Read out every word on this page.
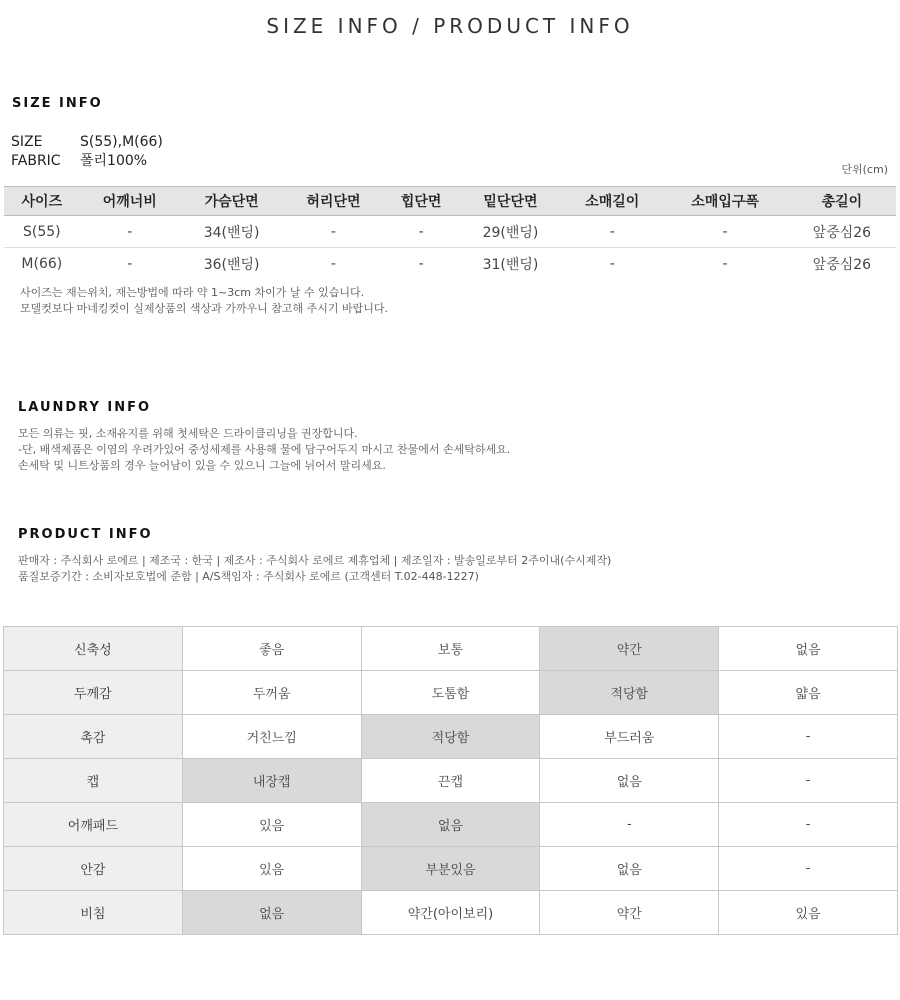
SIZE INFO / PRODUCT INFO
SIZE INFO
SIZE	S(55),M(66)
FABRIC 폴리100%
단위(cm)
사이즈	어깨너비	가슴단면	허리단면	힙단면	밑단단면	소매길이	소매입구폭	총길이
S(55)	-	34(밴딩)	-	-	29(밴딩)	-	-	앞중심26
M(66)	-	36(밴딩)	-	-	31(밴딩)	-	-	앞중심26
사이즈는 재는위치, 재는방법에 따라 약 1~3cm 차이가 날 수 있습니다.
모델컷보다 마네킹컷이 실제상품의 색상과 가까우니 참고해 주시기 바랍니다.
LAUNDRY INFO
모든 의류는 핏, 소재유지를 위해 첫세탁은 드라이클리닝을 권장합니다.
-단, 배색제품은 이염의 우려가있어 중성세제를 사용해 물에 담구어두지 마시고 찬물에서 손세탁하세요.
손세탁 및 니트상품의 경우 늘어남이 있을 수 있으니 그늘에 뉘어서 말리세요.
PRODUCT INFO
판매자 : 주식회사 로에르 | 제조국 : 한국 | 제조사 : 주식회사 로에르 제휴업체 | 제조일자 : 발송일로부터 2주이내(수시제작)
품질보증기간 : 소비자보호법에 준함 | A/S책임자 : 주식회사 로에르 (고객센터 T.02-448-1227)
신축성	좋음	보통	약간	없음
두께감	두꺼움	도톰함	적당함	얇음
촉감	거친느낌	적당함	부드러움	-
캡	내장캡	끈캡	없음	-
어깨패드	있음	없음	-	-
안감	있음	부분있음	없음	-
비침	없음	약간(아이보리)	약간	있음
